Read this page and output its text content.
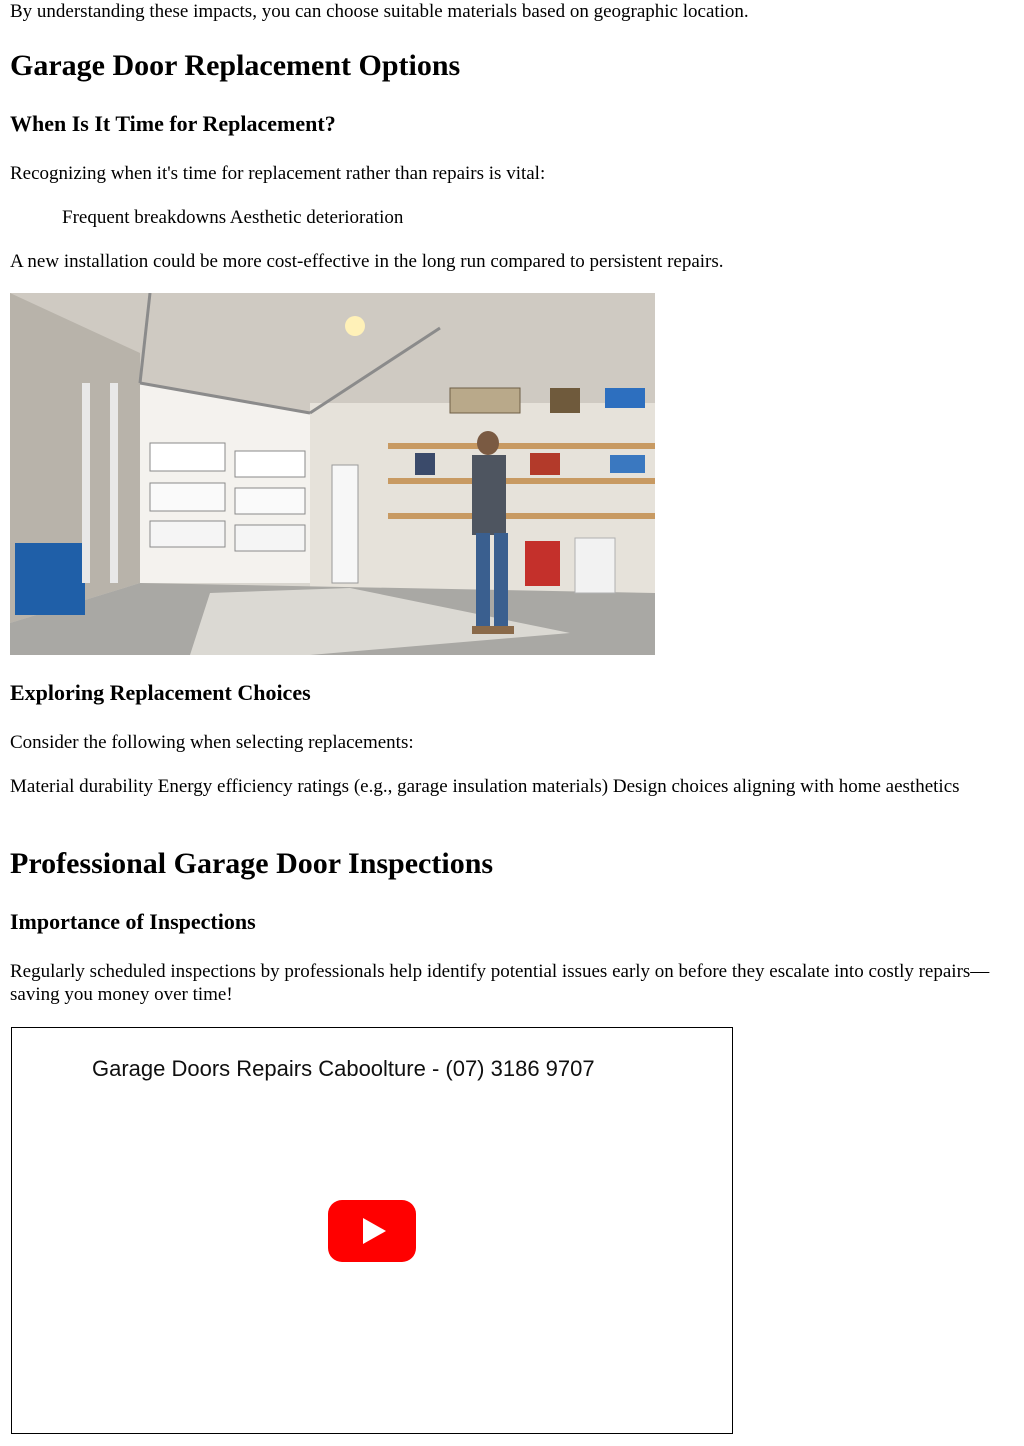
By understanding these impacts, you can choose suitable materials based on geographic location.

Garage Door Replacement Options
When Is It Time for Replacement?

Recognizing when it's time for replacement rather than repairs is vital:

Frequent breakdowns Aesthetic deterioration

A new installation could be more cost-effective in the long run compared to persistent repairs.

Exploring Replacement Choices

Consider the following when selecting replacements:

Material durability Energy efficiency ratings (e.g., garage insulation materials) Design choices aligning with home aesthetics

Professional Garage Door Inspections
Importance of Inspections

Regularly scheduled inspections by professionals help identify potential issues early on before they escalate into costly repairs—saving you money over time!

Garage Doors Repairs Caboolture - (07) 3186 9707
